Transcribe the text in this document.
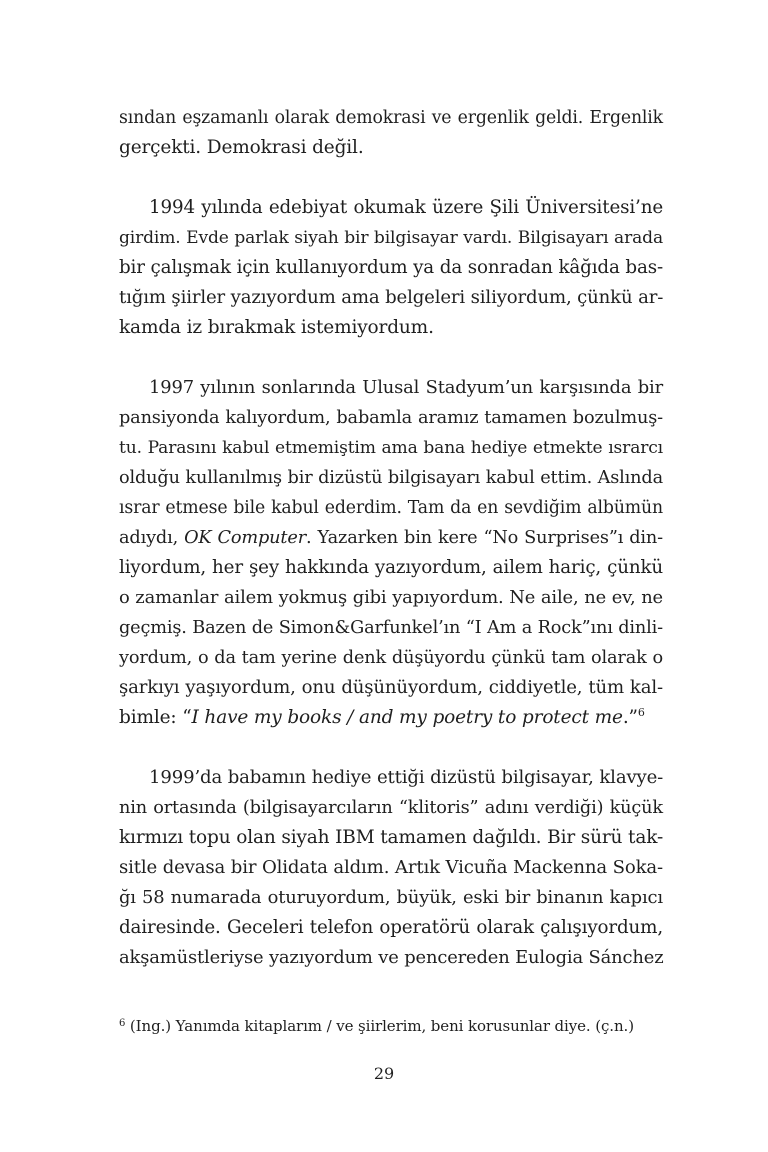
sından eşzamanlı olarak demokrasi ve ergenlik geldi. Ergenlik
gerçekti. Demokrasi değil.
1994 yılında edebiyat okumak üzere Şili Üniversitesi’ne
girdim. Evde parlak siyah bir bilgisayar vardı. Bilgisayarı arada
bir çalışmak için kullanıyordum ya da sonradan kâğıda bas-
tığım şiirler yazıyordum ama belgeleri siliyordum, çünkü ar-
kamda iz bırakmak istemiyordum.
1997 yılının sonlarında Ulusal Stadyum’un karşısında bir
pansiyonda kalıyordum, babamla aramız tamamen bozulmuş-
tu. Parasını kabul etmemiştim ama bana hediye etmekte ısrarcı
olduğu kullanılmış bir dizüstü bilgisayarı kabul ettim. Aslında
ısrar etmese bile kabul ederdim. Tam da en sevdiğim albümün
adıydı, OK Computer. Yazarken bin kere “No Surprises”ı din-
liyordum, her şey hakkında yazıyordum, ailem hariç, çünkü
o zamanlar ailem yokmuş gibi yapıyordum. Ne aile, ne ev, ne
geçmiş. Bazen de Simon&Garfunkel’ın “I Am a Rock”ını dinli-
yordum, o da tam yerine denk düşüyordu çünkü tam olarak o
şarkıyı yaşıyordum, onu düşünüyordum, ciddiyetle, tüm kal-
bimle: “I have my books / and my poetry to protect me.”$^6$
1999’da babamın hediye ettiği dizüstü bilgisayar, klavye-
nin ortasında (bilgisayarcıların “klitoris” adını verdiği) küçük
kırmızı topu olan siyah IBM tamamen dağıldı. Bir sürü tak-
sitle devasa bir Olidata aldım. Artık Vicuña Mackenna Soka-
ğı 58 numarada oturuyordum, büyük, eski bir binanın kapıcı
dairesinde. Geceleri telefon operatörü olarak çalışıyordum,
akşamüstleriyse yazıyordum ve pencereden Eulogia Sánchez
$^6$ (Ing.) Yanımda kitaplarım / ve şiirlerim, beni korusunlar diye. (ç.n.)
29
